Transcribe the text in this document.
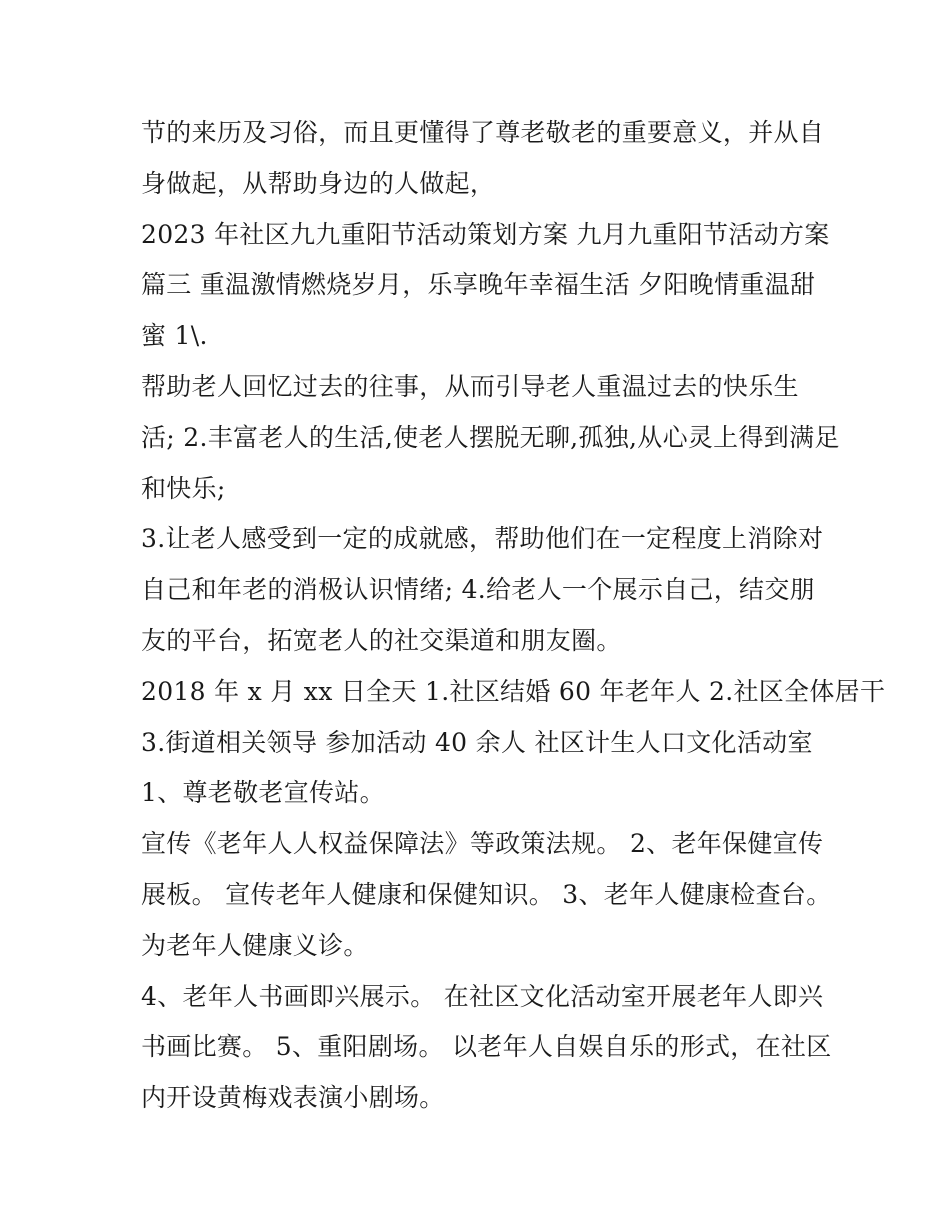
节的来历及习俗，而且更懂得了尊老敬老的重要意义，并从自
身做起，从帮助身边的人做起，
2023 年社区九九重阳节活动策划方案 九月九重阳节活动方案
篇三 重温激情燃烧岁月，乐享晚年幸福生活 夕阳晚情重温甜
蜜 1\.
帮助老人回忆过去的往事，从而引导老人重温过去的快乐生
活; 2.丰富老人的生活,使老人摆脱无聊,孤独,从心灵上得到满足
和快乐;
3.让老人感受到一定的成就感，帮助他们在一定程度上消除对
自己和年老的消极认识情绪; 4.给老人一个展示自己，结交朋
友的平台，拓宽老人的社交渠道和朋友圈。
2018 年 x 月 xx 日全天 1.社区结婚 60 年老年人 2.社区全体居干
3.街道相关领导 参加活动 40 余人 社区计生人口文化活动室
1、尊老敬老宣传站。
宣传《老年人人权益保障法》等政策法规。 2、老年保健宣传
展板。 宣传老年人健康和保健知识。 3、老年人健康检查台。
为老年人健康义诊。
4、老年人书画即兴展示。 在社区文化活动室开展老年人即兴
书画比赛。 5、重阳剧场。 以老年人自娱自乐的形式，在社区
内开设黄梅戏表演小剧场。
